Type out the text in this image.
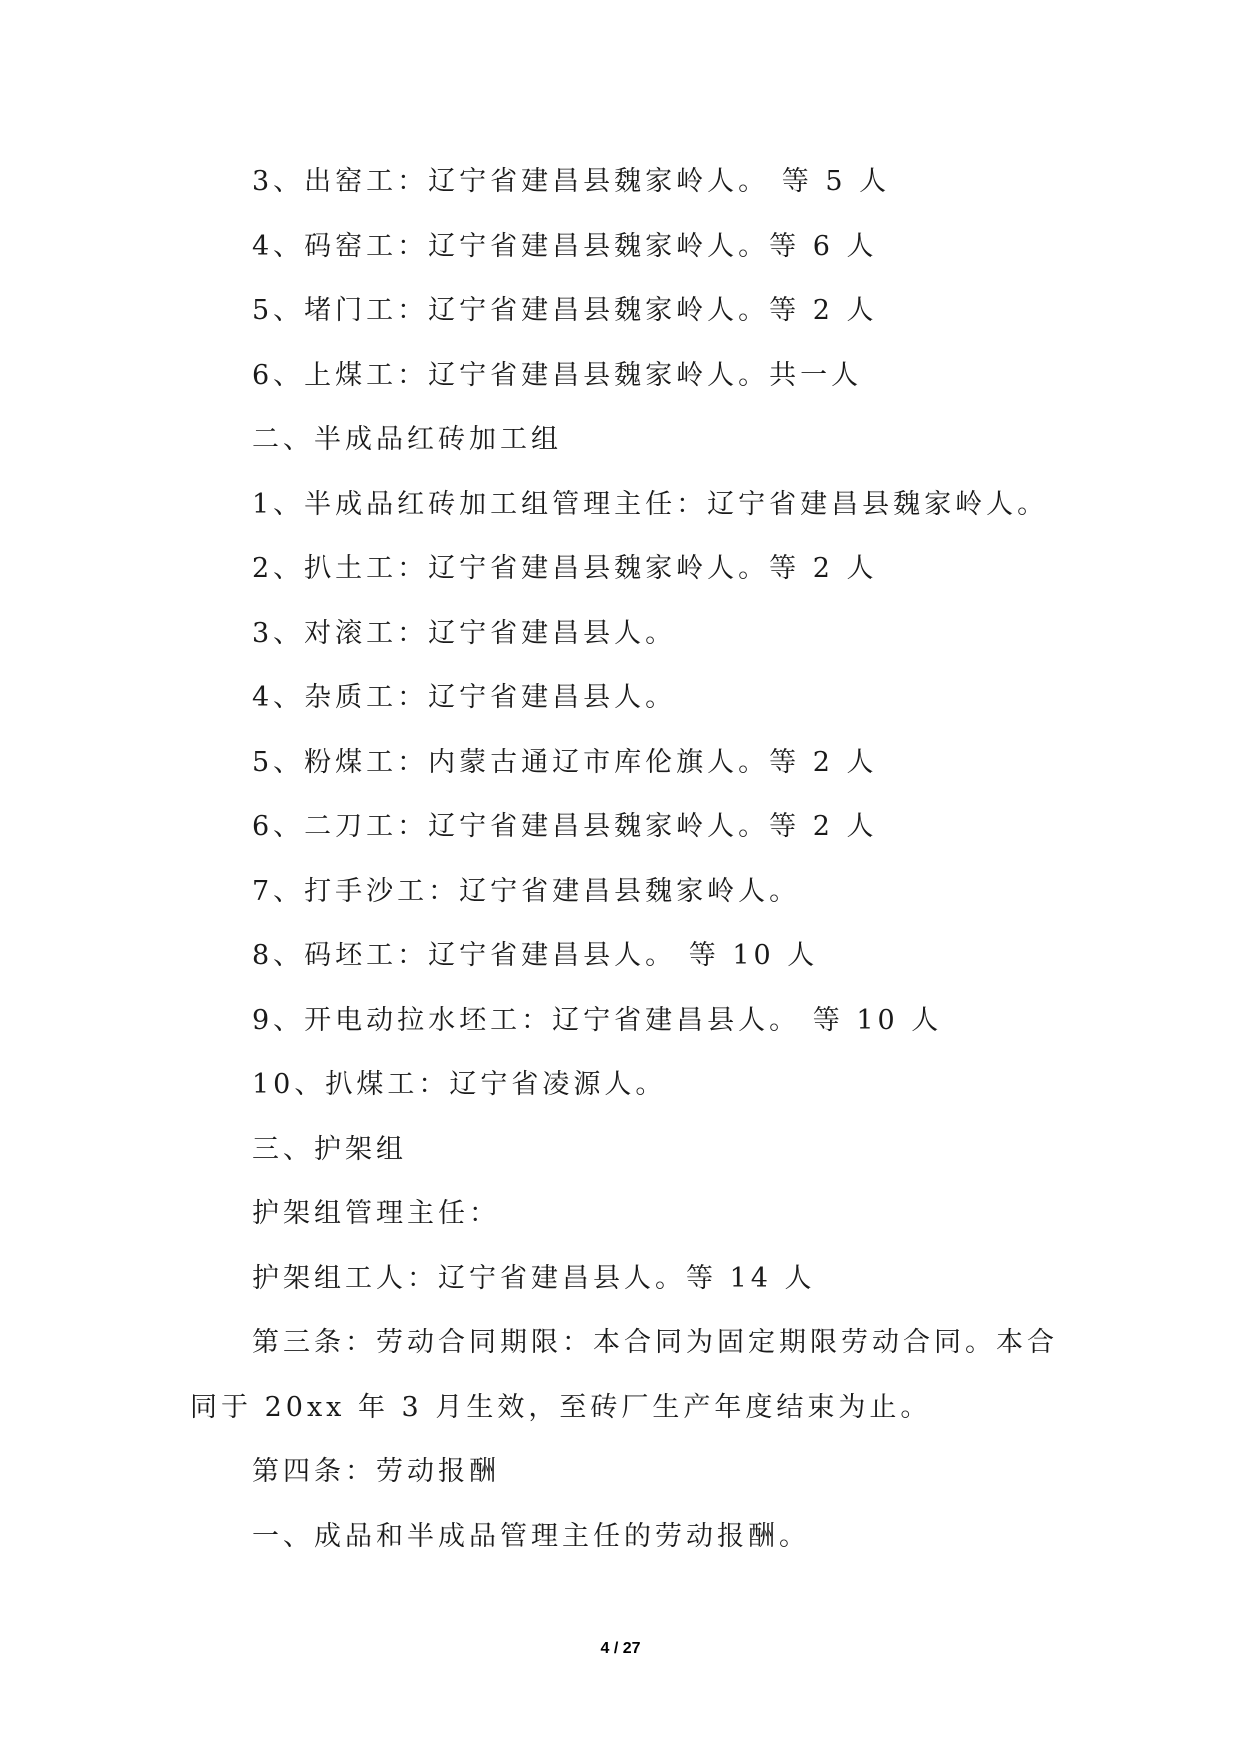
3、出窑工：辽宁省建昌县魏家岭人。 等 5 人
4、码窑工：辽宁省建昌县魏家岭人。等 6 人
5、堵门工：辽宁省建昌县魏家岭人。等 2 人
6、上煤工：辽宁省建昌县魏家岭人。共一人
二、半成品红砖加工组
1、半成品红砖加工组管理主任：辽宁省建昌县魏家岭人。
2、扒土工：辽宁省建昌县魏家岭人。等 2 人
3、对滚工：辽宁省建昌县人。
4、杂质工：辽宁省建昌县人。
5、粉煤工：内蒙古通辽市库伦旗人。等 2 人
6、二刀工：辽宁省建昌县魏家岭人。等 2 人
7、打手沙工：辽宁省建昌县魏家岭人。
8、码坯工：辽宁省建昌县人。 等 10 人
9、开电动拉水坯工：辽宁省建昌县人。 等 10 人
10、扒煤工：辽宁省凌源人。
三、护架组
护架组管理主任：
护架组工人：辽宁省建昌县人。等 14 人
第三条：劳动合同期限：本合同为固定期限劳动合同。本合
同于 20xx 年 3 月生效，至砖厂生产年度结束为止。
第四条：劳动报酬
一、成品和半成品管理主任的劳动报酬。
4 / 27
